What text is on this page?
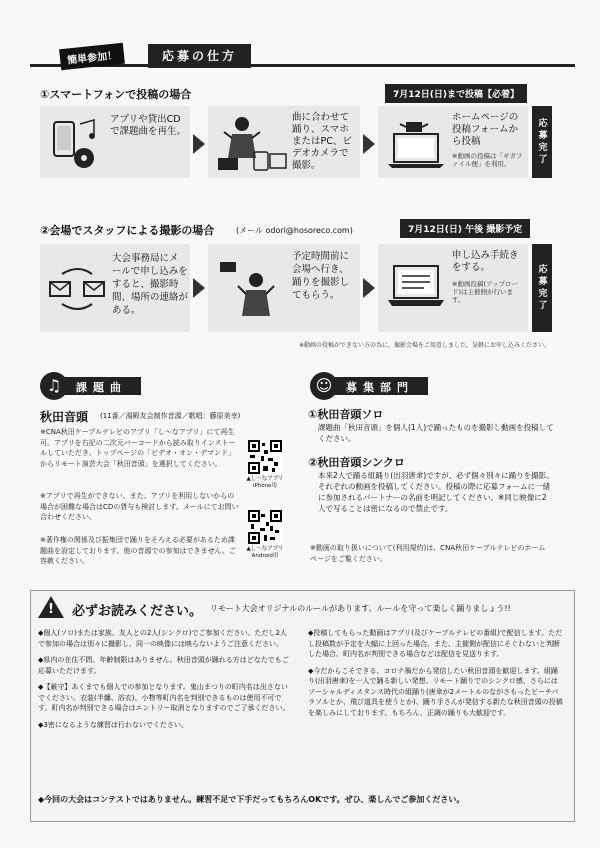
簡単参加！	応募の仕方
①スマートフォンで投稿の場合	7月12日(日)まで投稿【必着】
アプリや貸出CDで課題曲を再生。
曲に合わせて踊り、スマホまたはPC、ビデオカメラで撮影。
ホームページの投稿フォームから投稿
※動画の投稿は「ギガファイル便」を利用。	応募完了
②会場でスタッフによる撮影の場合	(メール odori@hosoreco.com)	7月12日(日) 午後 撮影予定
大会事務局にメールで申し込みをすると、撮影時間、場所の連絡がある。
予定時間前に会場へ行き、踊りを撮影してもらう。
申し込み手続きをする。
※動画投稿(アップロード)は主催側が行います。	応募完了
※動画の投稿ができない方の為に、撮影会場をご用意しました。気軽にお申し込みください。
課題曲
♫
秋田音頭 (11番／湯殿友会制作音源／歌唱：藤原美幸)
※CNA秋田ケーブルテレビのアプリ「し～なアプリ」にて再生可。アプリを右記の二次元バーコードから読み取りインストールしていただき、トップページの「ビデオ・オン・デマンド」からリモート演芸大会「秋田音頭」を選択してください。
※アプリで再生ができない、また、アプリを利用しないからの場合が困難な場合はCDの貸与も検討します。メールにてお問い合わせください。
※著作権の関係及び振集団で踊りをそろえる必要があるため課題曲を設定しております。他の音源での参加はできません。ご容赦ください。
▲し～なアプリ iPhone用
▲し～なアプリ Android用
募集部門
☺
①秋田音頭ソロ
課題曲「秋田音頭」を個人(1人)で踊ったものを撮影し動画を投稿してください。
②秋田音頭シンクロ
本来2人で踊る組踊り(出羽唐傘)ですが、必ず個々別々に踊りを撮影。それぞれの動画を投稿してください。投稿の際に応募フォームに一緒に参加されるパートナーの名前を明記してください。※同じ映像に2人で写ることは密になるので禁止です。
※動画の取り扱いについて(利用規約)は、CNA秋田ケーブルテレビのホームページをご覧ください。
! 必ずお読みください。 リモート大会オリジナルのルールがあります。ルールを守って楽しく踊りましょう!!
◆個人(ソロ)または家族、友人との2人(シンクロ)でご参加ください。ただし2人で参加の場合は別々に撮影し、同一の映像には映らないようご注意ください。
◆県内の在住不問、年齢制限はありません。秋田音頭が踊れる方はどなたでもご応募いただけます。
◆【厳守】あくまでも個人での参加となります。鬼山まつりの町内名は出さないでください。衣装(半纏、浴衣)、小物等町内名を判別できるものは使用不可です。町内名が判別できる場合はエントリー取消となりますのでご了承ください。
◆3密になるような練習は行わないでください。
◆投稿してもらった動画はアプリ(及びケーブルテレビの番組)で配信します。ただし投稿数が予定を大幅に上回った場合、また、主催側が配信にそぐわないと判断した場合、町内名が判別できる場合などは配信を見送ります。
◆今だからこそできる、コロナ禍だから発信したい秋田音頭を歓迎します。組踊り(出羽唐傘)を一人で踊る新しい発想、リモート踊りでのシンクロ感、さらにはソーシャルディスタンス時代の組踊り(唐傘が2メートルのながさもったビーチパラソルとか、飛び道具を使うとか)、踊り手さんが発信する新たな秋田音頭の投稿を楽しみにしております。もちろん、正調の踊りも大歓迎です。
◆今回の大会はコンテストではありません。練習不足で下手だってもちろんOKです。ぜひ、楽しんでご参加ください。
